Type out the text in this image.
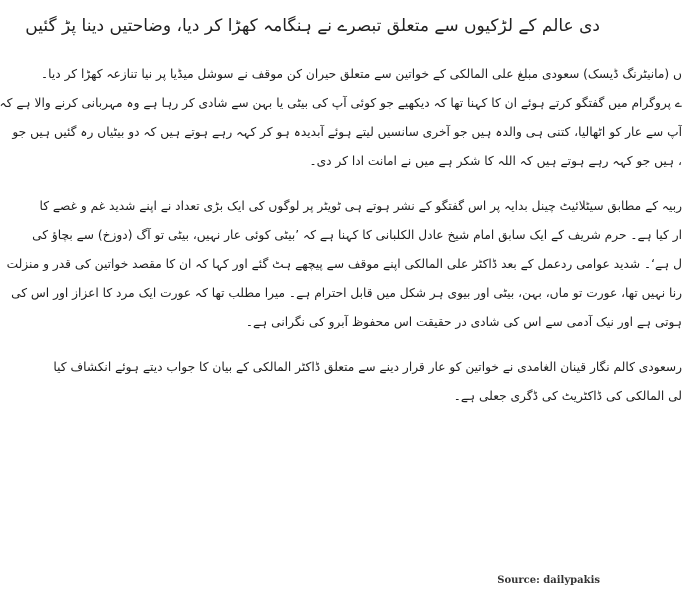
دی عالم کے لڑکیوں سے متعلق تبصرے نے ہنگامہ کھڑا کر دیا، وضاحتیں دینا پڑ گئیں
ں (مانیٹرنگ ڈیسک) سعودی مبلغ علی المالکی کے خواتین سے متعلق حیران کن موقف نے سوشل میڈیا پر نیا تنازعہ کھڑا کر دیا۔
ے پروگرام میں گفتگو کرتے ہوئے ان کا کہنا تھا کہ دیکھیے جو کوئی آپ کی بیٹی یا بہن سے شادی کر رہا ہے وہ مہربانی کرنے والا ہے کہ
آپ سے عار کو اٹھالیا، کتنی ہی والدہ ہیں جو آخری سانسیں لیتے ہوئے آبدیدہ ہو کر کہہ رہے ہوتے ہیں کہ دو بیٹیاں رہ گئیں ہیں جو
، ہیں جو کہہ رہے ہوتے ہیں کہ اللہ کا شکر ہے میں نے امانت ادا کر دی۔
ربیہ کے مطابق سیٹلائیٹ چینل بدایہ پر اس گفتگو کے نشر ہوتے ہی ٹویٹر پر لوگوں کی ایک بڑی تعداد نے اپنے شدید غم و غصے کا
ار کیا ہے۔ حرم شریف کے ایک سابق امام شیخ عادل الکلبانی کا کہنا ہے کہ ’بیٹی کوئی عار نہیں، بیٹی تو آگ (دوزخ) سے بچاؤ کی
ل ہے‘۔ شدید عوامی ردعمل کے بعد ڈاکٹر علی المالکی اپنے موقف سے پیچھے ہٹ گئے اور کہا کہ ان کا مقصد خواتین کی قدر و منزلت
رنا نہیں تھا، عورت تو ماں، بہن، بیٹی اور بیوی ہر شکل میں قابل احترام ہے۔ میرا مطلب تھا کہ عورت ایک مرد کا اعزاز اور اس کی
ہوتی ہے اور نیک آدمی سے اس کی شادی در حقیقت اس محفوظ آبرو کی نگرانی ہے۔
رسعودی کالم نگار قینان الغامدی نے خواتین کو عار قرار دینے سے متعلق ڈاکٹر المالکی کے بیان کا جواب دیتے ہوئے انکشاف کیا
لی المالکی کی ڈاکٹریٹ کی ڈگری جعلی ہے۔
Source: dailypakis
